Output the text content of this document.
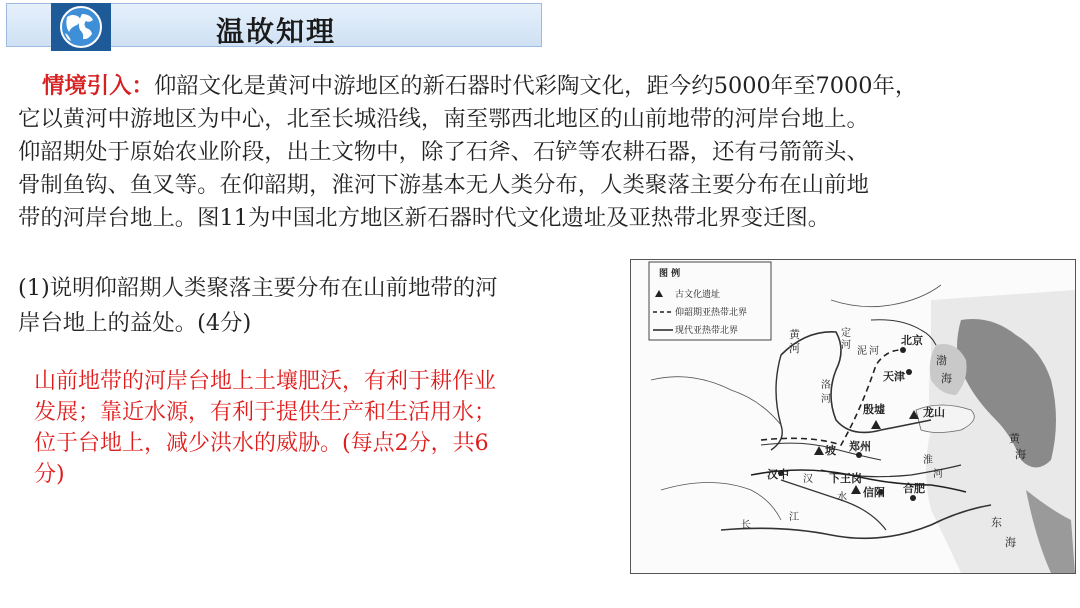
温故知理
情境引入：仰韶文化是黄河中游地区的新石器时代彩陶文化，距今约5000年至7000年，
它以黄河中游地区为中心，北至长城沿线，南至鄂西北地区的山前地带的河岸台地上。
仰韶期处于原始农业阶段，出土文物中，除了石斧、石铲等农耕石器，还有弓箭箭头、
骨制鱼钩、鱼叉等。在仰韶期，淮河下游基本无人类分布，人类聚落主要分布在山前地
带的河岸台地上。图11为中国北方地区新石器时代文化遗址及亚热带北界变迁图。
(1)说明仰韶期人类聚落主要分布在山前地带的河
岸台地上的益处。(4分)
山前地带的河岸台地上土壤肥沃，有利于耕作业
发展；靠近水源，有利于提供生产和生活用水；
位于台地上，减少洪水的威胁。(每点2分，共6
分)
图 例
古文化遗址
仰韶期亚热带北界
现代亚热带北界	黄
河
定
河
泥 河
北京
天津
渤
海
洛
河
殷墟	龙山
坡 郑州
淮
河
汉中 汉 下王岗
水 信阳 合肥
江
长
黄
海
东
海
